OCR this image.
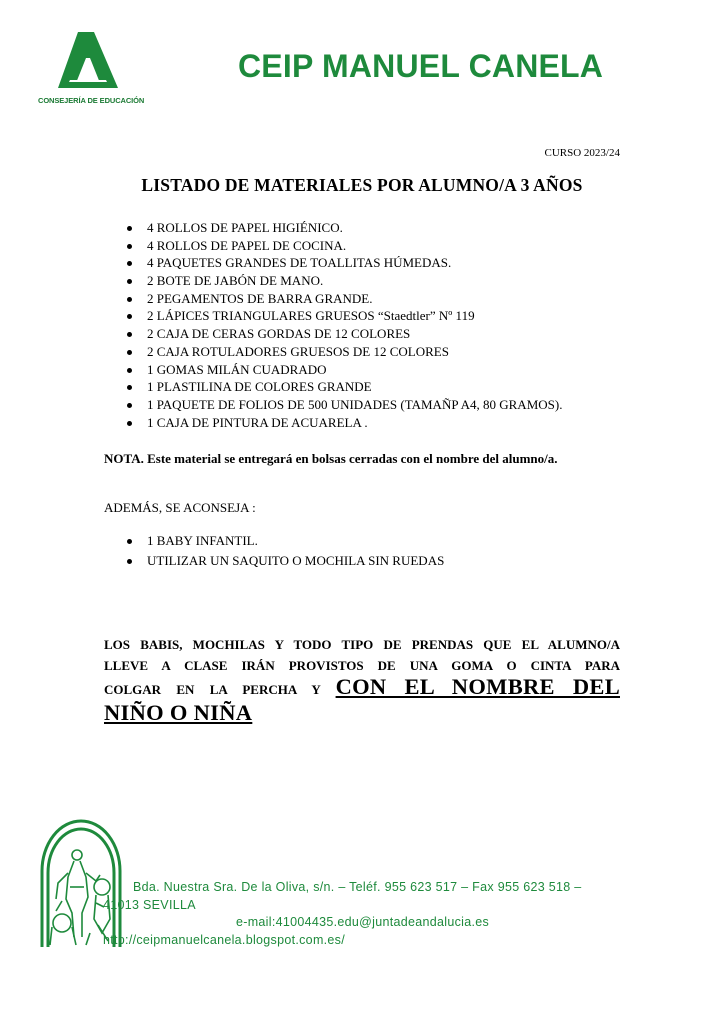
CONSEJERÍA DE EDUCACIÓN
CEIP MANUEL CANELA
CURSO 2023/24
LISTADO DE MATERIALES POR ALUMNO/A 3 AÑOS
4 ROLLOS DE PAPEL HIGIÉNICO.
4 ROLLOS DE PAPEL DE COCINA.
4 PAQUETES GRANDES DE TOALLITAS HÚMEDAS.
2 BOTE DE JABÓN DE MANO.
2 PEGAMENTOS DE BARRA GRANDE.
2 LÁPICES TRIANGULARES GRUESOS “Staedtler” Nº 119
2 CAJA DE CERAS GORDAS DE 12 COLORES
2 CAJA ROTULADORES GRUESOS DE 12 COLORES
1 GOMAS MILÁN CUADRADO
1 PLASTILINA DE COLORES GRANDE
1 PAQUETE DE FOLIOS DE 500 UNIDADES (TAMAÑP A4, 80 GRAMOS).
1 CAJA DE PINTURA DE ACUARELA .
NOTA. Este material se entregará en bolsas cerradas con el nombre del alumno/a.
ADEMÁS, SE ACONSEJA :
1 BABY INFANTIL.
UTILIZAR UN SAQUITO O MOCHILA SIN RUEDAS
LOS BABIS, MOCHILAS Y TODO TIPO DE PRENDAS QUE EL ALUMNO/A
LLEVE A CLASE IRÁN PROVISTOS DE UNA GOMA O CINTA PARA
COLGAR EN LA PERCHA Y CON EL NOMBRE DEL
NIÑO O NIÑA
Bda. Nuestra Sra. De la Oliva, s/n. – Teléf. 955 623 517 – Fax 955 623 518 –
41013 SEVILLA
e-mail:41004435.edu@juntadeandalucia.es
http://ceipmanuelcanela.blogspot.com.es/
